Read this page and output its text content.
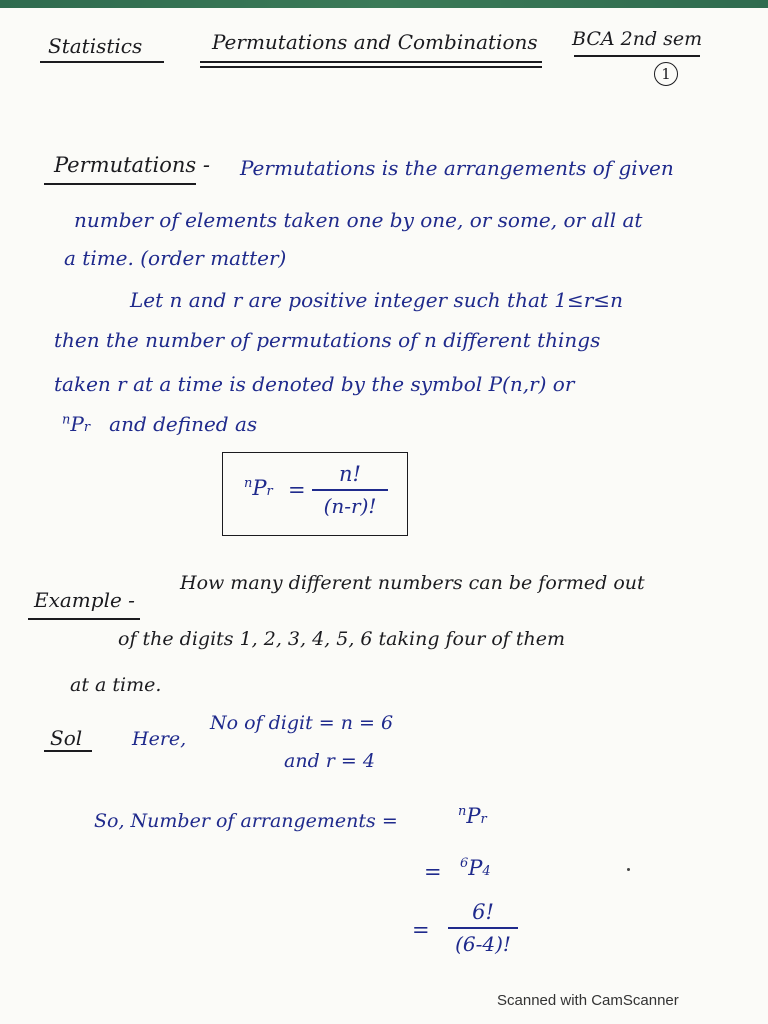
Statistics	Permutations and Combinations BCA 2nd sem
1
Permutations - Permutations is the arrangements of given
number of elements taken one by one, or some, or all at
a time. (order matter)
Let n and r are positive integer such that 1≤r≤n
then the number of permutations of n different things
taken r at a time is denoted by the symbol P(n,r) or
$^n$Pr and defined as
$^n$Pr =
n!
(n-r)!
Example -
How many different numbers can be formed out
of the digits 1, 2, 3, 4, 5, 6 taking four of them
at a time.
Sol	Here,
No of digit = n = 6
and r = 4
So, Number of arrangements =	$^n$Pr
= $^6$P4
=
6!
(6-4)!
Scanned with CamScanner
